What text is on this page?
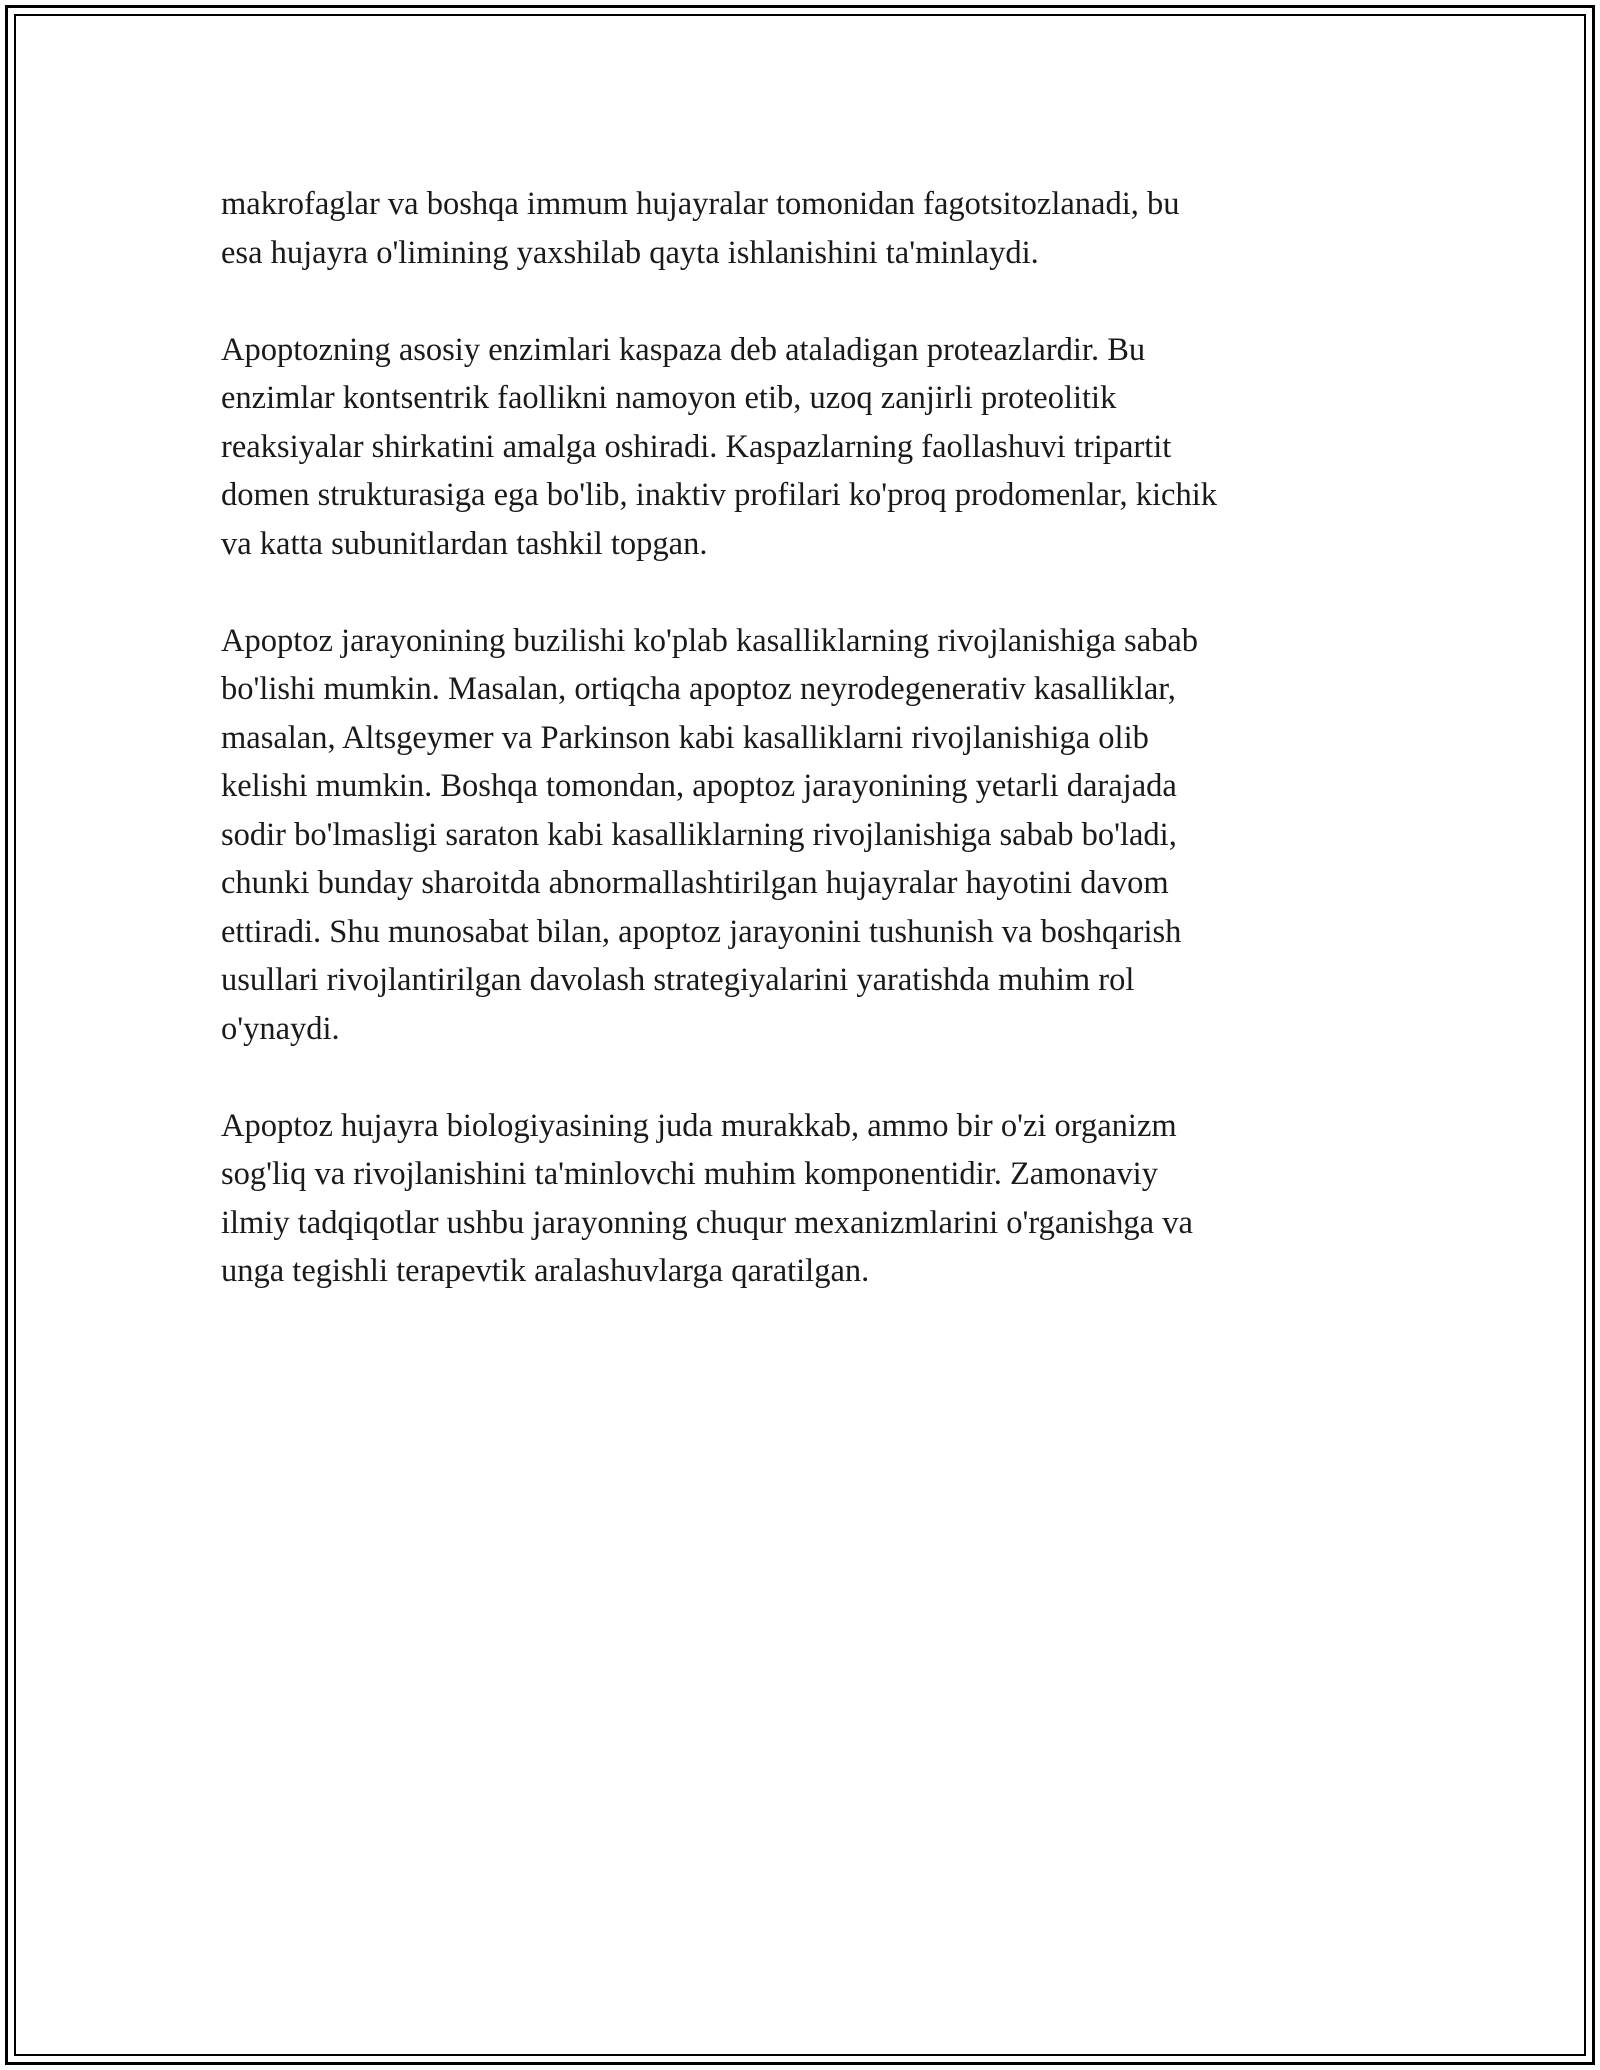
makrofaglar va boshqa immum hujayralar tomonidan fagotsitozlanadi, bu
esa hujayra o'limining yaxshilab qayta ishlanishini ta'minlaydi.

Apoptozning asosiy enzimlari kaspaza deb ataladigan proteazlardir. Bu
enzimlar kontsentrik faollikni namoyon etib, uzoq zanjirli proteolitik
reaksiyalar shirkatini amalga oshiradi. Kaspazlarning faollashuvi tripartit
domen strukturasiga ega bo'lib, inaktiv profilari ko'proq prodomenlar, kichik
va katta subunitlardan tashkil topgan.

Apoptoz jarayonining buzilishi ko'plab kasalliklarning rivojlanishiga sabab
bo'lishi mumkin. Masalan, ortiqcha apoptoz neyrodegenerativ kasalliklar,
masalan, Altsgeymer va Parkinson kabi kasalliklarni rivojlanishiga olib
kelishi mumkin. Boshqa tomondan, apoptoz jarayonining yetarli darajada
sodir bo'lmasligi saraton kabi kasalliklarning rivojlanishiga sabab bo'ladi,
chunki bunday sharoitda abnormallashtirilgan hujayralar hayotini davom
ettiradi. Shu munosabat bilan, apoptoz jarayonini tushunish va boshqarish
usullari rivojlantirilgan davolash strategiyalarini yaratishda muhim rol
o'ynaydi.

Apoptoz hujayra biologiyasining juda murakkab, ammo bir o'zi organizm
sog'liq va rivojlanishini ta'minlovchi muhim komponentidir. Zamonaviy
ilmiy tadqiqotlar ushbu jarayonning chuqur mexanizmlarini o'rganishga va
unga tegishli terapevtik aralashuvlarga qaratilgan.
